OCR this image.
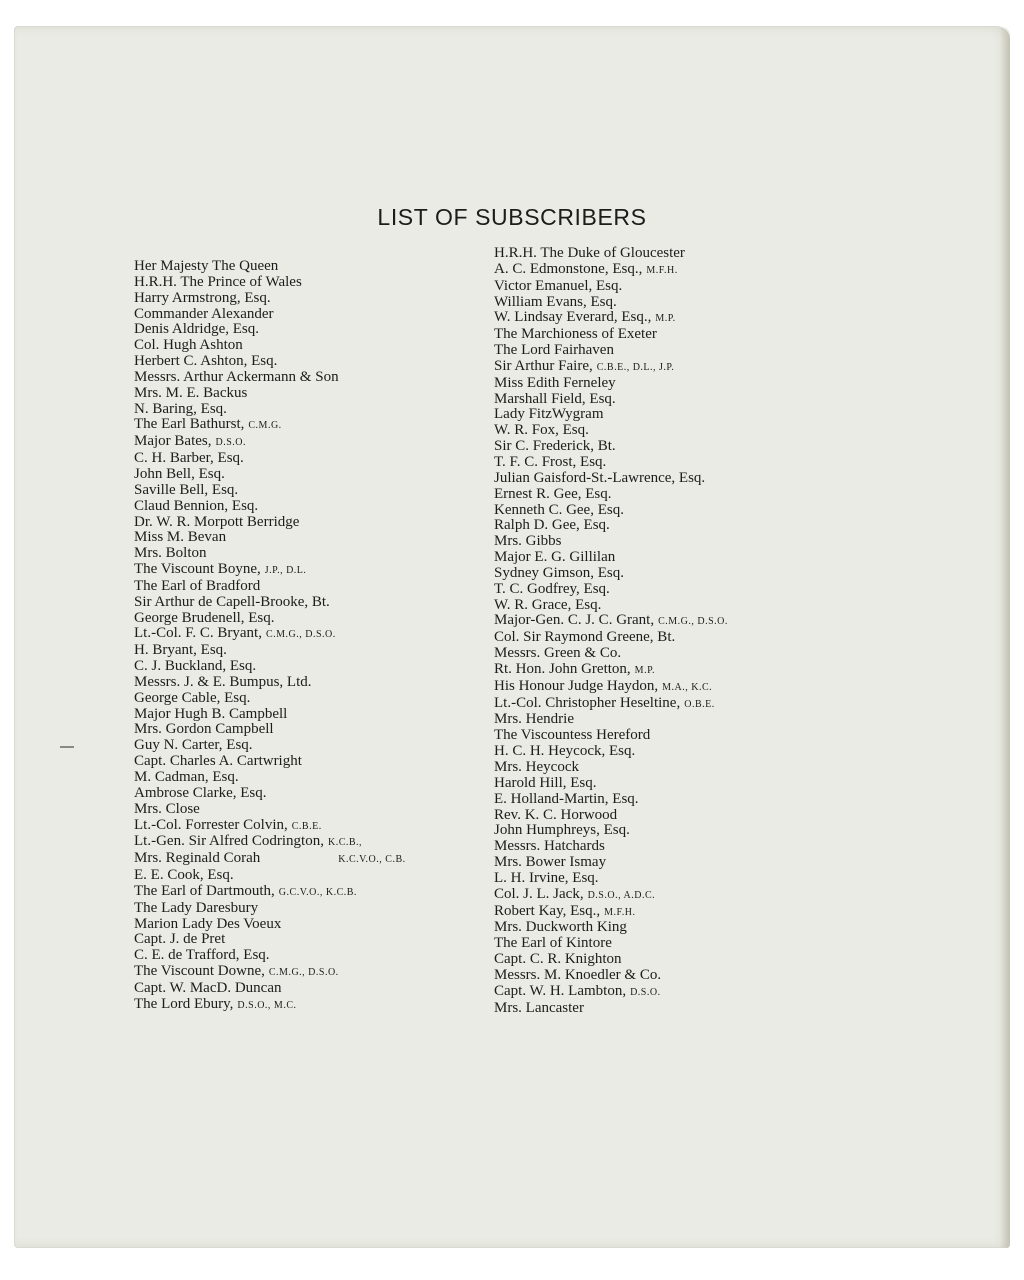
LIST OF SUBSCRIBERS
Her Majesty The Queen
H.R.H. The Prince of Wales
Harry Armstrong, Esq.
Commander Alexander
Denis Aldridge, Esq.
Col. Hugh Ashton
Herbert C. Ashton, Esq.
Messrs. Arthur Ackermann & Son
Mrs. M. E. Backus
N. Baring, Esq.
The Earl Bathurst, C.M.G.
Major Bates, D.S.O.
C. H. Barber, Esq.
John Bell, Esq.
Saville Bell, Esq.
Claud Bennion, Esq.
Dr. W. R. Morpott Berridge
Miss M. Bevan
Mrs. Bolton
The Viscount Boyne, J.P., D.L.
The Earl of Bradford
Sir Arthur de Capell-Brooke, Bt.
George Brudenell, Esq.
Lt.-Col. F. C. Bryant, C.M.G., D.S.O.
H. Bryant, Esq.
C. J. Buckland, Esq.
Messrs. J. & E. Bumpus, Ltd.
George Cable, Esq.
Major Hugh B. Campbell
Mrs. Gordon Campbell
Guy N. Carter, Esq.
Capt. Charles A. Cartwright
M. Cadman, Esq.
Ambrose Clarke, Esq.
Mrs. Close
Lt.-Col. Forrester Colvin, C.B.E.
Lt.-Gen. Sir Alfred Codrington, K.C.B.,
Mrs. Reginald Corah	K.C.V.O., C.B.
E. E. Cook, Esq.
The Earl of Dartmouth, G.C.V.O., K.C.B.
The Lady Daresbury
Marion Lady Des Voeux
Capt. J. de Pret
C. E. de Trafford, Esq.
The Viscount Downe, C.M.G., D.S.O.
Capt. W. MacD. Duncan
The Lord Ebury, D.S.O., M.C.
H.R.H. The Duke of Gloucester
A. C. Edmonstone, Esq., M.F.H.
Victor Emanuel, Esq.
William Evans, Esq.
W. Lindsay Everard, Esq., M.P.
The Marchioness of Exeter
The Lord Fairhaven
Sir Arthur Faire, C.B.E., D.L., J.P.
Miss Edith Ferneley
Marshall Field, Esq.
Lady FitzWygram
W. R. Fox, Esq.
Sir C. Frederick, Bt.
T. F. C. Frost, Esq.
Julian Gaisford-St.-Lawrence, Esq.
Ernest R. Gee, Esq.
Kenneth C. Gee, Esq.
Ralph D. Gee, Esq.
Mrs. Gibbs
Major E. G. Gillilan
Sydney Gimson, Esq.
T. C. Godfrey, Esq.
W. R. Grace, Esq.
Major-Gen. C. J. C. Grant, C.M.G., D.S.O.
Col. Sir Raymond Greene, Bt.
Messrs. Green & Co.
Rt. Hon. John Gretton, M.P.
His Honour Judge Haydon, M.A., K.C.
Lt.-Col. Christopher Heseltine, O.B.E.
Mrs. Hendrie
The Viscountess Hereford
H. C. H. Heycock, Esq.
Mrs. Heycock
Harold Hill, Esq.
E. Holland-Martin, Esq.
Rev. K. C. Horwood
John Humphreys, Esq.
Messrs. Hatchards
Mrs. Bower Ismay
L. H. Irvine, Esq.
Col. J. L. Jack, D.S.O., A.D.C.
Robert Kay, Esq., M.F.H.
Mrs. Duckworth King
The Earl of Kintore
Capt. C. R. Knighton
Messrs. M. Knoedler & Co.
Capt. W. H. Lambton, D.S.O.
Mrs. Lancaster
